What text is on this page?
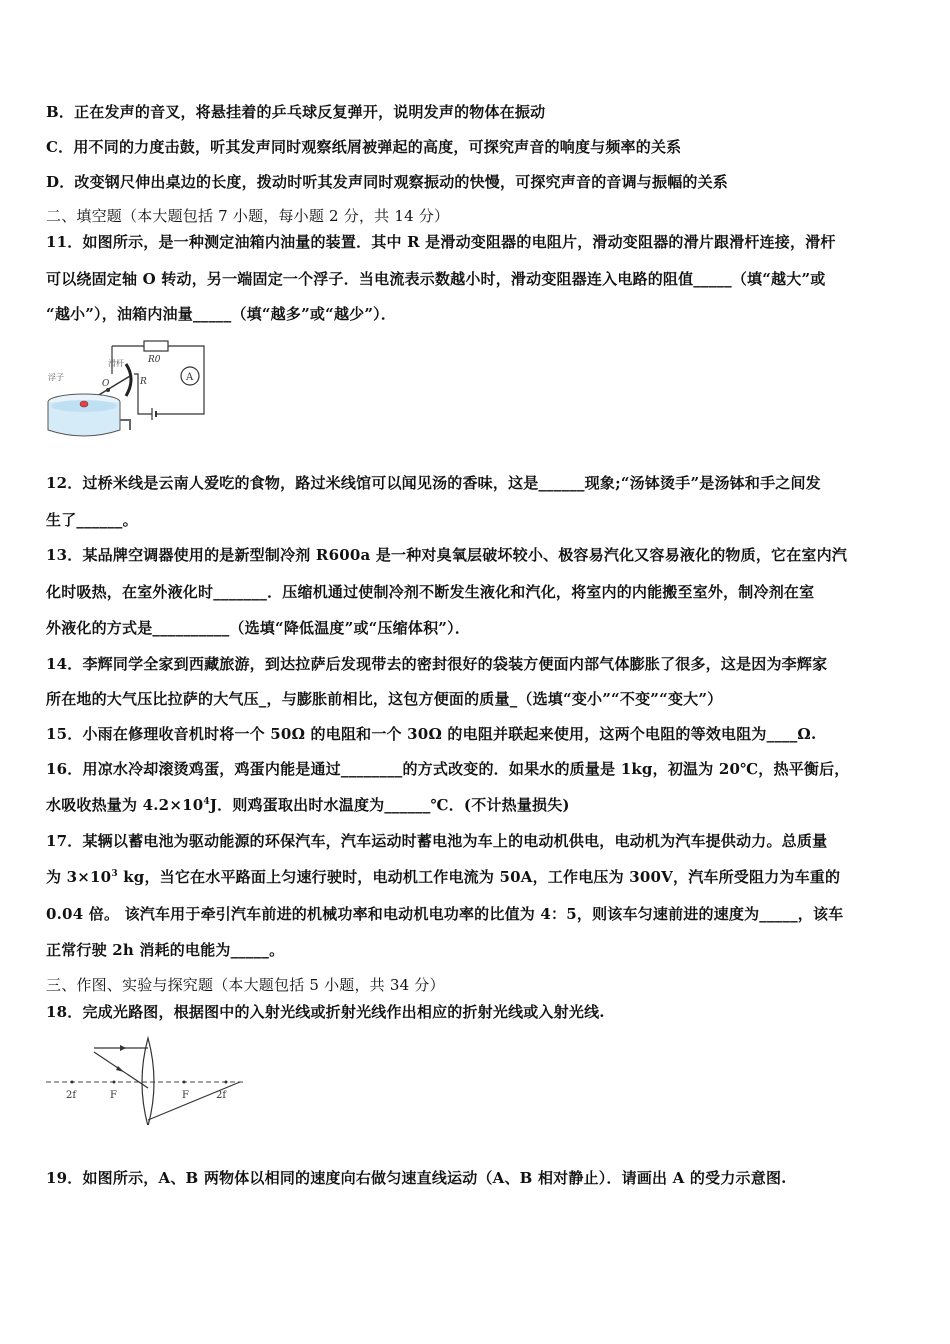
B．正在发声的音叉，将悬挂着的乒乓球反复弹开，说明发声的物体在振动
C．用不同的力度击鼓，听其发声同时观察纸屑被弹起的高度，可探究声音的响度与频率的关系
D．改变钢尺伸出桌边的长度，拨动时听其发声同时观察振动的快慢，可探究声音的音调与振幅的关系
二、填空题（本大题包括 7 小题，每小题 2 分，共 14 分）
11．如图所示，是一种测定油箱内油量的装置．其中 R 是滑动变阻器的电阻片，滑动变阻器的滑片跟滑杆连接，滑杆
可以绕固定轴 O 转动，另一端固定一个浮子．当电流表示数越小时，滑动变阻器连入电路的阻值_____（填“越大”或
“越小”），油箱内油量_____（填“越多”或“越少”）．
R0
A
R
O
滑杆
浮子
12．过桥米线是云南人爱吃的食物，路过米线馆可以闻见汤的香味，这是______现象;“汤钵烫手”是汤钵和手之间发
生了______。
13．某品牌空调器使用的是新型制冷剂 R600a 是一种对臭氧层破坏较小、极容易汽化又容易液化的物质，它在室内汽
化时吸热，在室外液化时_______．压缩机通过使制冷剂不断发生液化和汽化，将室内的内能搬至室外，制冷剂在室
外液化的方式是__________（选填“降低温度”或“压缩体积”）．
14．李辉同学全家到西藏旅游，到达拉萨后发现带去的密封很好的袋装方便面内部气体膨胀了很多，这是因为李辉家
所在地的大气压比拉萨的大气压_，与膨胀前相比，这包方便面的质量_（选填“变小”“不变”“变大”）
15．小雨在修理收音机时将一个 50Ω 的电阻和一个 30Ω 的电阻并联起来使用，这两个电阻的等效电阻为____Ω.
16．用凉水冷却滚烫鸡蛋，鸡蛋内能是通过________的方式改变的．如果水的质量是 1kg，初温为 20℃，热平衡后，
水吸收热量为 $4.2\times 10^4J$．则鸡蛋取出时水温度为______℃．(不计热量损失)
17．某辆以蓄电池为驱动能源的环保汽车，汽车运动时蓄电池为车上的电动机供电，电动机为汽车提供动力。总质量
为 $3\times 10^3$ kg，当它在水平路面上匀速行驶时，电动机工作电流为 50A，工作电压为 300V，汽车所受阻力为车重的
0.04 倍。 该汽车用于牵引汽车前进的机械功率和电动机电功率的比值为 4：5，则该车匀速前进的速度为_____，该车
正常行驶 2h 消耗的电能为_____。
三、作图、实验与探究题（本大题包括 5 小题，共 34 分）
18．完成光路图，根据图中的入射光线或折射光线作出相应的折射光线或入射光线.
2f	F	F	2f
19．如图所示，A、B 两物体以相同的速度向右做匀速直线运动（A、B 相对静止）．请画出 A 的受力示意图.
